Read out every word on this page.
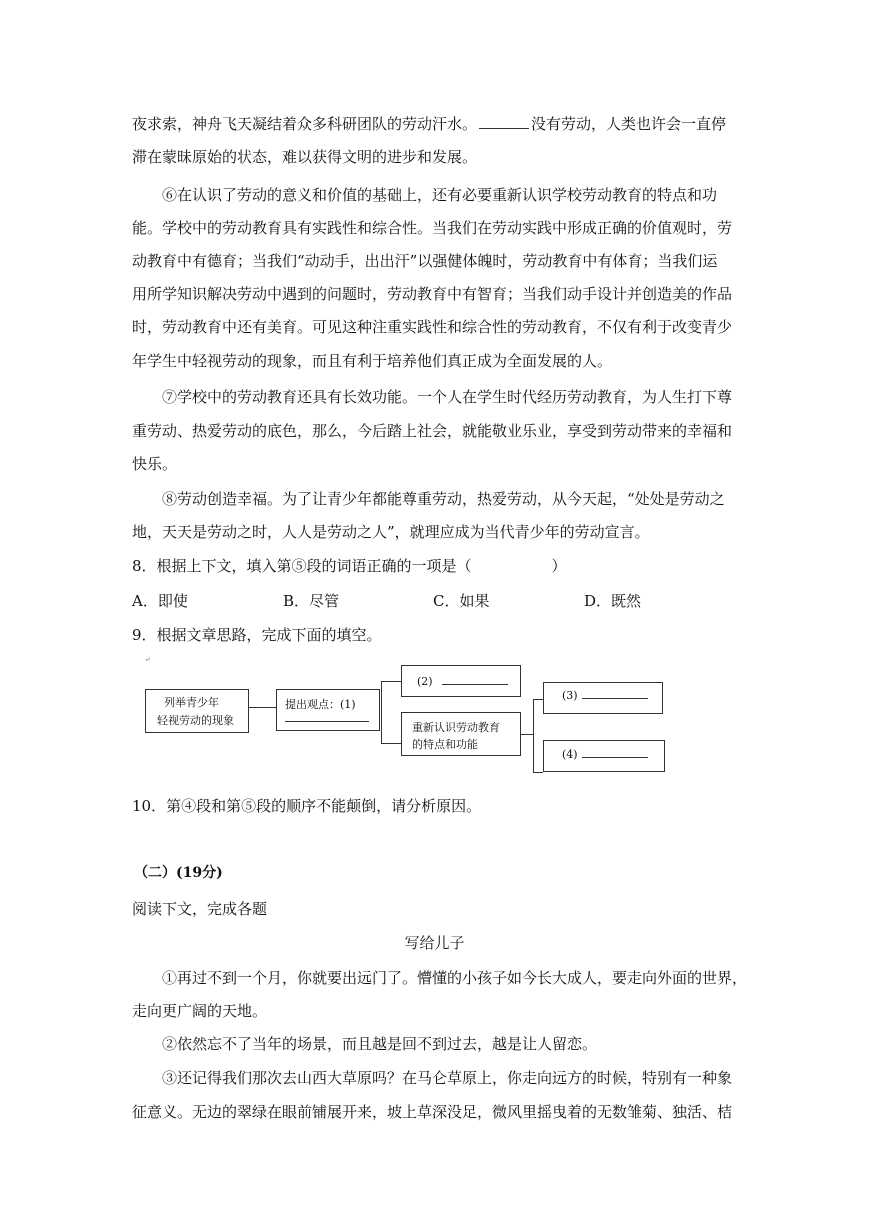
夜求索，神舟飞天凝结着众多科研团队的劳动汗水。	没有劳动，人类也许会一直停
滞在蒙昧原始的状态，难以获得文明的进步和发展。
⑥在认识了劳动的意义和价值的基础上，还有必要重新认识学校劳动教育的特点和功
能。学校中的劳动教育具有实践性和综合性。当我们在劳动实践中形成正确的价值观时，劳
动教育中有德育；当我们“动动手，出出汗”以强健体魄时，劳动教育中有体育；当我们运
用所学知识解决劳动中遇到的问题时，劳动教育中有智育；当我们动手设计并创造美的作品
时，劳动教育中还有美育。可见这种注重实践性和综合性的劳动教育，不仅有利于改变青少
年学生中轻视劳动的现象，而且有利于培养他们真正成为全面发展的人。
⑦学校中的劳动教育还具有长效功能。一个人在学生时代经历劳动教育，为人生打下尊
重劳动、热爱劳动的底色，那么，今后踏上社会，就能敬业乐业，享受到劳动带来的幸福和
快乐。
⑧劳动创造幸福。为了让青少年都能尊重劳动，热爱劳动，从今天起，“处处是劳动之
地，天天是劳动之时，人人是劳动之人”，就理应成为当代青少年的劳动宣言。
8．根据上下文，填入第⑤段的词语正确的一项是（	）
A．即使	B．尽管	C．如果	D．既然
9．根据文章思路，完成下面的填空。
↵
列举青少年
轻视劳动的现象
提出观点：(1)
(2)
重新认识劳动教育
的特点和功能
(3)
(4)
10．第④段和第⑤段的顺序不能颠倒，请分析原因。
（二）(19分)
阅读下文，完成各题
写给儿子
①再过不到一个月，你就要出远门了。懵懂的小孩子如今长大成人，要走向外面的世界，
走向更广阔的天地。
②依然忘不了当年的场景，而且越是回不到过去，越是让人留恋。
③还记得我们那次去山西大草原吗？在马仑草原上，你走向远方的时候，特别有一种象
征意义。无边的翠绿在眼前铺展开来，坡上草深没足，微风里摇曳着的无数雏菊、独活、桔
